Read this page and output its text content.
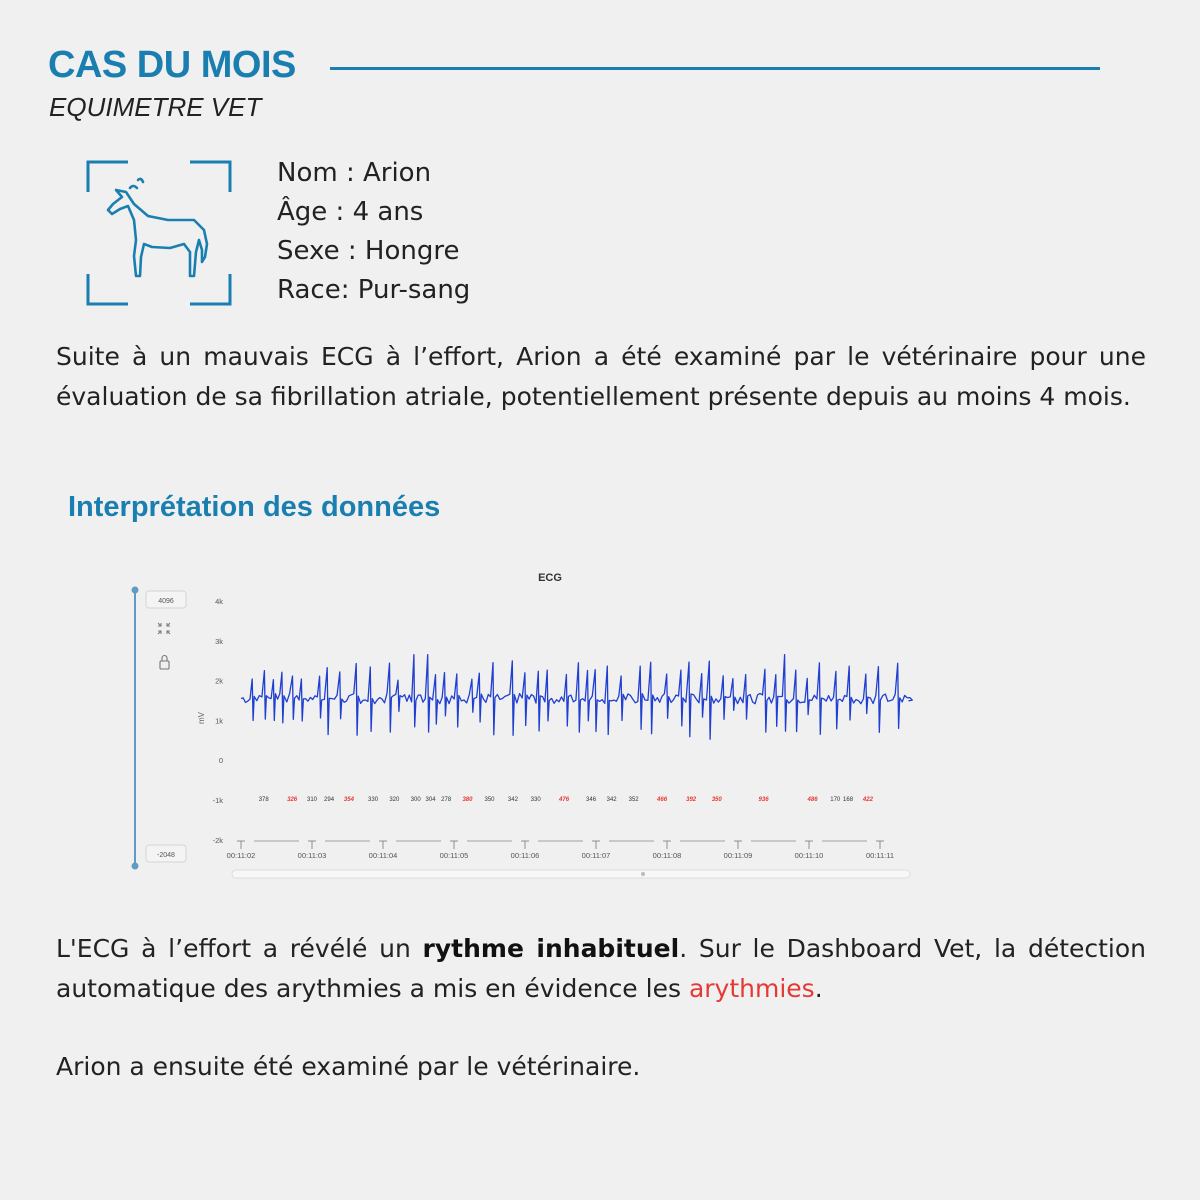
CAS DU MOIS
EQUIMETRE VET
Nom : Arion
Âge : 4 ans
Sexe : Hongre
Race: Pur-sang

Suite à un mauvais ECG à l’effort, Arion a été examiné par le vétérinaire pour une évaluation de sa fibrillation atriale, potentiellement présente depuis au moins 4 mois.

Interprétation des données
ECG
4096
-2048
mV
4k
3k
2k
1k
0
-1k
-2k
378	326 310 294 354 330 320 300 304 278 380 350 342 330	476	346 342 352	466	392	350	936	486 170 168 422
00:11:02	00:11:03	00:11:04	00:11:05	00:11:06	00:11:07	00:11:08	00:11:09	00:11:10	00:11:11

L'ECG à l’effort a révélé un rythme inhabituel. Sur le Dashboard Vet, la détection automatique des arythmies a mis en évidence les arythmies.

Arion a ensuite été examiné par le vétérinaire.
